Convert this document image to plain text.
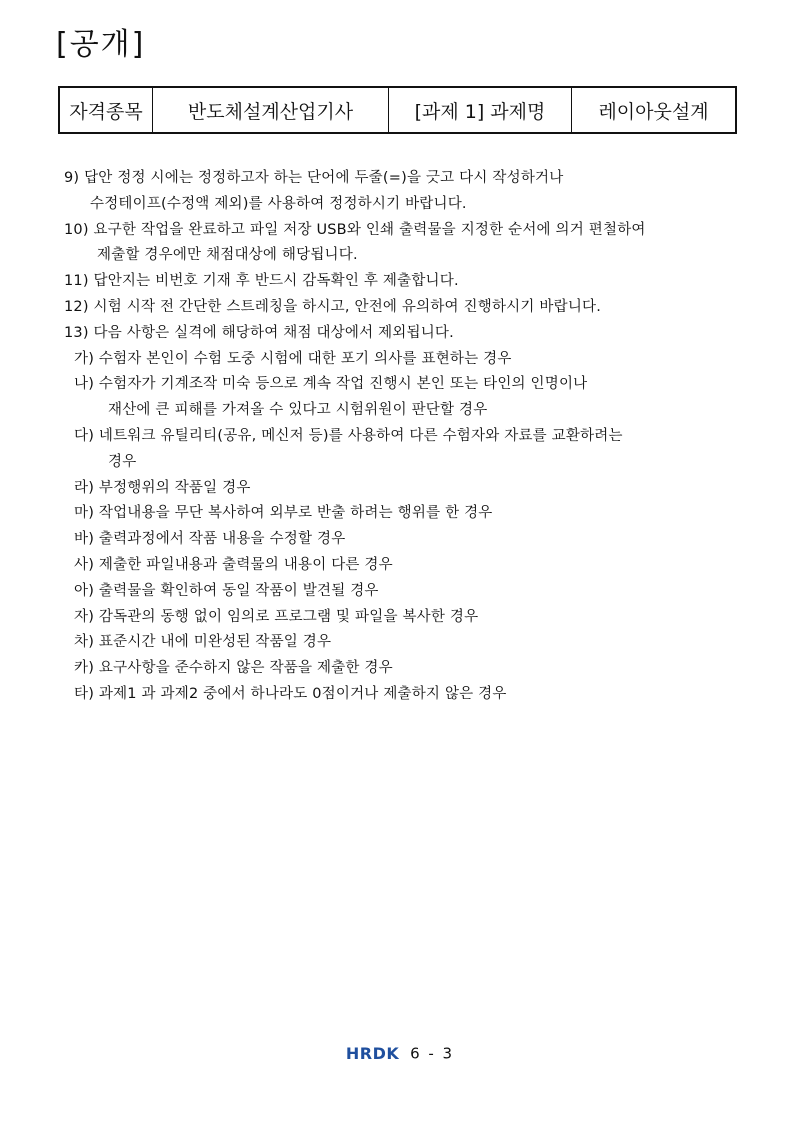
[공개]
자격종목	반도체설계산업기사	[과제 1] 과제명	레이아웃설계
9) 답안 정정 시에는 정정하고자 하는 단어에 두줄(=)을 긋고 다시 작성하거나
수정테이프(수정액 제외)를 사용하여 정정하시기 바랍니다.
10) 요구한 작업을 완료하고 파일 저장 USB와 인쇄 출력물을 지정한 순서에 의거 편철하여
제출할 경우에만 채점대상에 해당됩니다.
11) 답안지는 비번호 기재 후 반드시 감독확인 후 제출합니다.
12) 시험 시작 전 간단한 스트레칭을 하시고, 안전에 유의하여 진행하시기 바랍니다.
13) 다음 사항은 실격에 해당하여 채점 대상에서 제외됩니다.
가) 수험자 본인이 수험 도중 시험에 대한 포기 의사를 표현하는 경우
나) 수험자가 기계조작 미숙 등으로 계속 작업 진행시 본인 또는 타인의 인명이나
재산에 큰 피해를 가져올 수 있다고 시험위원이 판단할 경우
다) 네트워크 유틸리티(공유, 메신저 등)를 사용하여 다른 수험자와 자료를 교환하려는
경우
라) 부정행위의 작품일 경우
마) 작업내용을 무단 복사하여 외부로 반출 하려는 행위를 한 경우
바) 출력과정에서 작품 내용을 수정할 경우
사) 제출한 파일내용과 출력물의 내용이 다른 경우
아) 출력물을 확인하여 동일 작품이 발견될 경우
자) 감독관의 동행 없이 임의로 프로그램 및 파일을 복사한 경우
차) 표준시간 내에 미완성된 작품일 경우
카) 요구사항을 준수하지 않은 작품을 제출한 경우
타) 과제1 과 과제2 중에서 하나라도 0점이거나 제출하지 않은 경우
HRDK 6 - 3
